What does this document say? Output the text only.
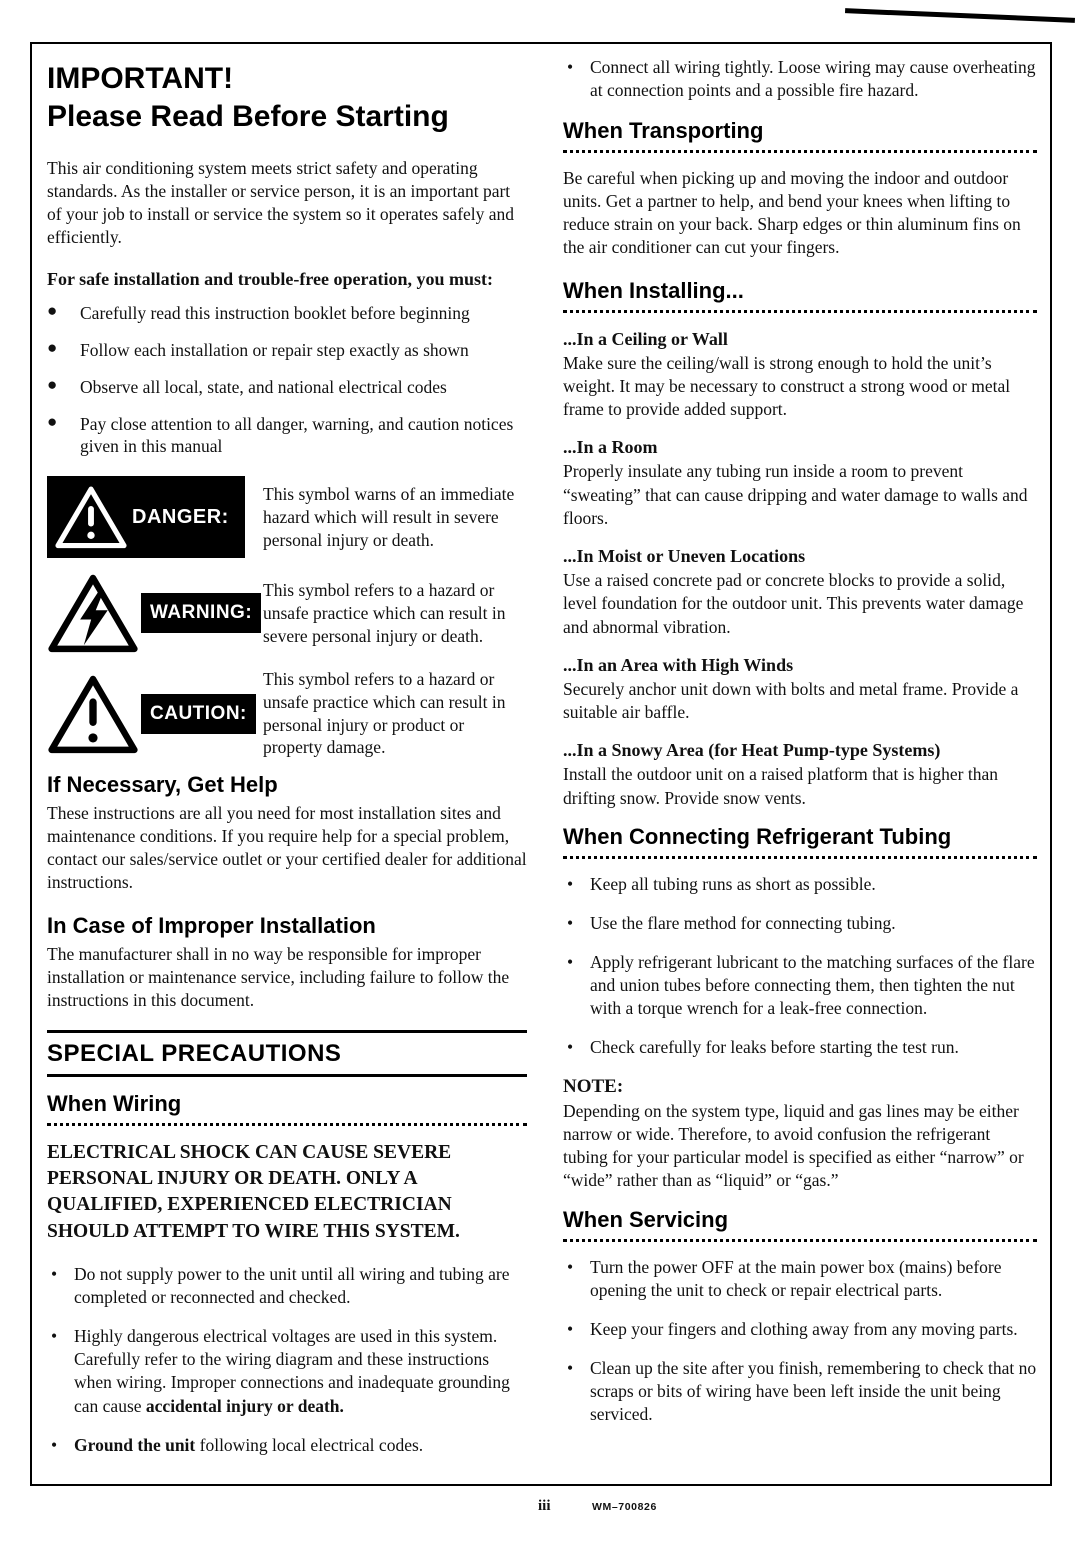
IMPORTANT!
Please Read Before Starting

This air conditioning system meets strict safety and operating standards. As the installer or service person, it is an important part of your job to install or service the system so it operates safely and efficiently.

For safe installation and trouble-free operation, you must:

● Carefully read this instruction booklet before beginning
● Follow each installation or repair step exactly as shown
● Observe all local, state, and national electrical codes
● Pay close attention to all danger, warning, and caution notices given in this manual
DANGER:
This symbol warns of an immediate hazard which will result in severe personal injury or death.
WARNING:
This symbol refers to a hazard or unsafe practice which can result in severe personal injury or death.
CAUTION:
This symbol refers to a hazard or unsafe practice which can result in personal injury or product or property damage.
If Necessary, Get Help

These instructions are all you need for most installation sites and maintenance conditions. If you require help for a special problem, contact our sales/service outlet or your certified dealer for additional instructions.

In Case of Improper Installation

The manufacturer shall in no way be responsible for improper installation or maintenance service, including failure to follow the instructions in this document.

SPECIAL PRECAUTIONS
When Wiring

ELECTRICAL SHOCK CAN CAUSE SEVERE PERSONAL INJURY OR DEATH. ONLY A QUALIFIED, EXPERIENCED ELECTRICIAN SHOULD ATTEMPT TO WIRE THIS SYSTEM.

• Do not supply power to the unit until all wiring and tubing are completed or reconnected and checked.
• Highly dangerous electrical voltages are used in this system. Carefully refer to the wiring diagram and these instructions when wiring. Improper connections and inadequate grounding can cause accidental injury or death.
• Ground the unit following local electrical codes.
• Connect all wiring tightly. Loose wiring may cause overheating at connection points and a possible fire hazard.
When Transporting

Be careful when picking up and moving the indoor and outdoor units. Get a partner to help, and bend your knees when lifting to reduce strain on your back. Sharp edges or thin aluminum fins on the air conditioner can cut your fingers.

When Installing...

...In a Ceiling or Wall

Make sure the ceiling/wall is strong enough to hold the unit’s weight. It may be necessary to construct a strong wood or metal frame to provide added support.

...In a Room

Properly insulate any tubing run inside a room to prevent “sweating” that can cause dripping and water damage to walls and floors.

...In Moist or Uneven Locations

Use a raised concrete pad or concrete blocks to provide a solid, level foundation for the outdoor unit. This prevents water damage and abnormal vibration.

...In an Area with High Winds

Securely anchor unit down with bolts and metal frame. Provide a suitable air baffle.

...In a Snowy Area (for Heat Pump-type Systems)

Install the outdoor unit on a raised platform that is higher than drifting snow. Provide snow vents.

When Connecting Refrigerant Tubing
• Keep all tubing runs as short as possible.
• Use the flare method for connecting tubing.
• Apply refrigerant lubricant to the matching surfaces of the flare and union tubes before connecting them, then tighten the nut with a torque wrench for a leak-free connection.
• Check carefully for leaks before starting the test run.

NOTE:

Depending on the system type, liquid and gas lines may be either narrow or wide. Therefore, to avoid confusion the refrigerant tubing for your particular model is specified as either “narrow” or “wide” rather than as “liquid” or “gas.”

When Servicing
• Turn the power OFF at the main power box (mains) before opening the unit to check or repair electrical parts.
• Keep your fingers and clothing away from any moving parts.
• Clean up the site after you finish, remembering to check that no scraps or bits of wiring have been left inside the unit being serviced.
iii	WM–700826
